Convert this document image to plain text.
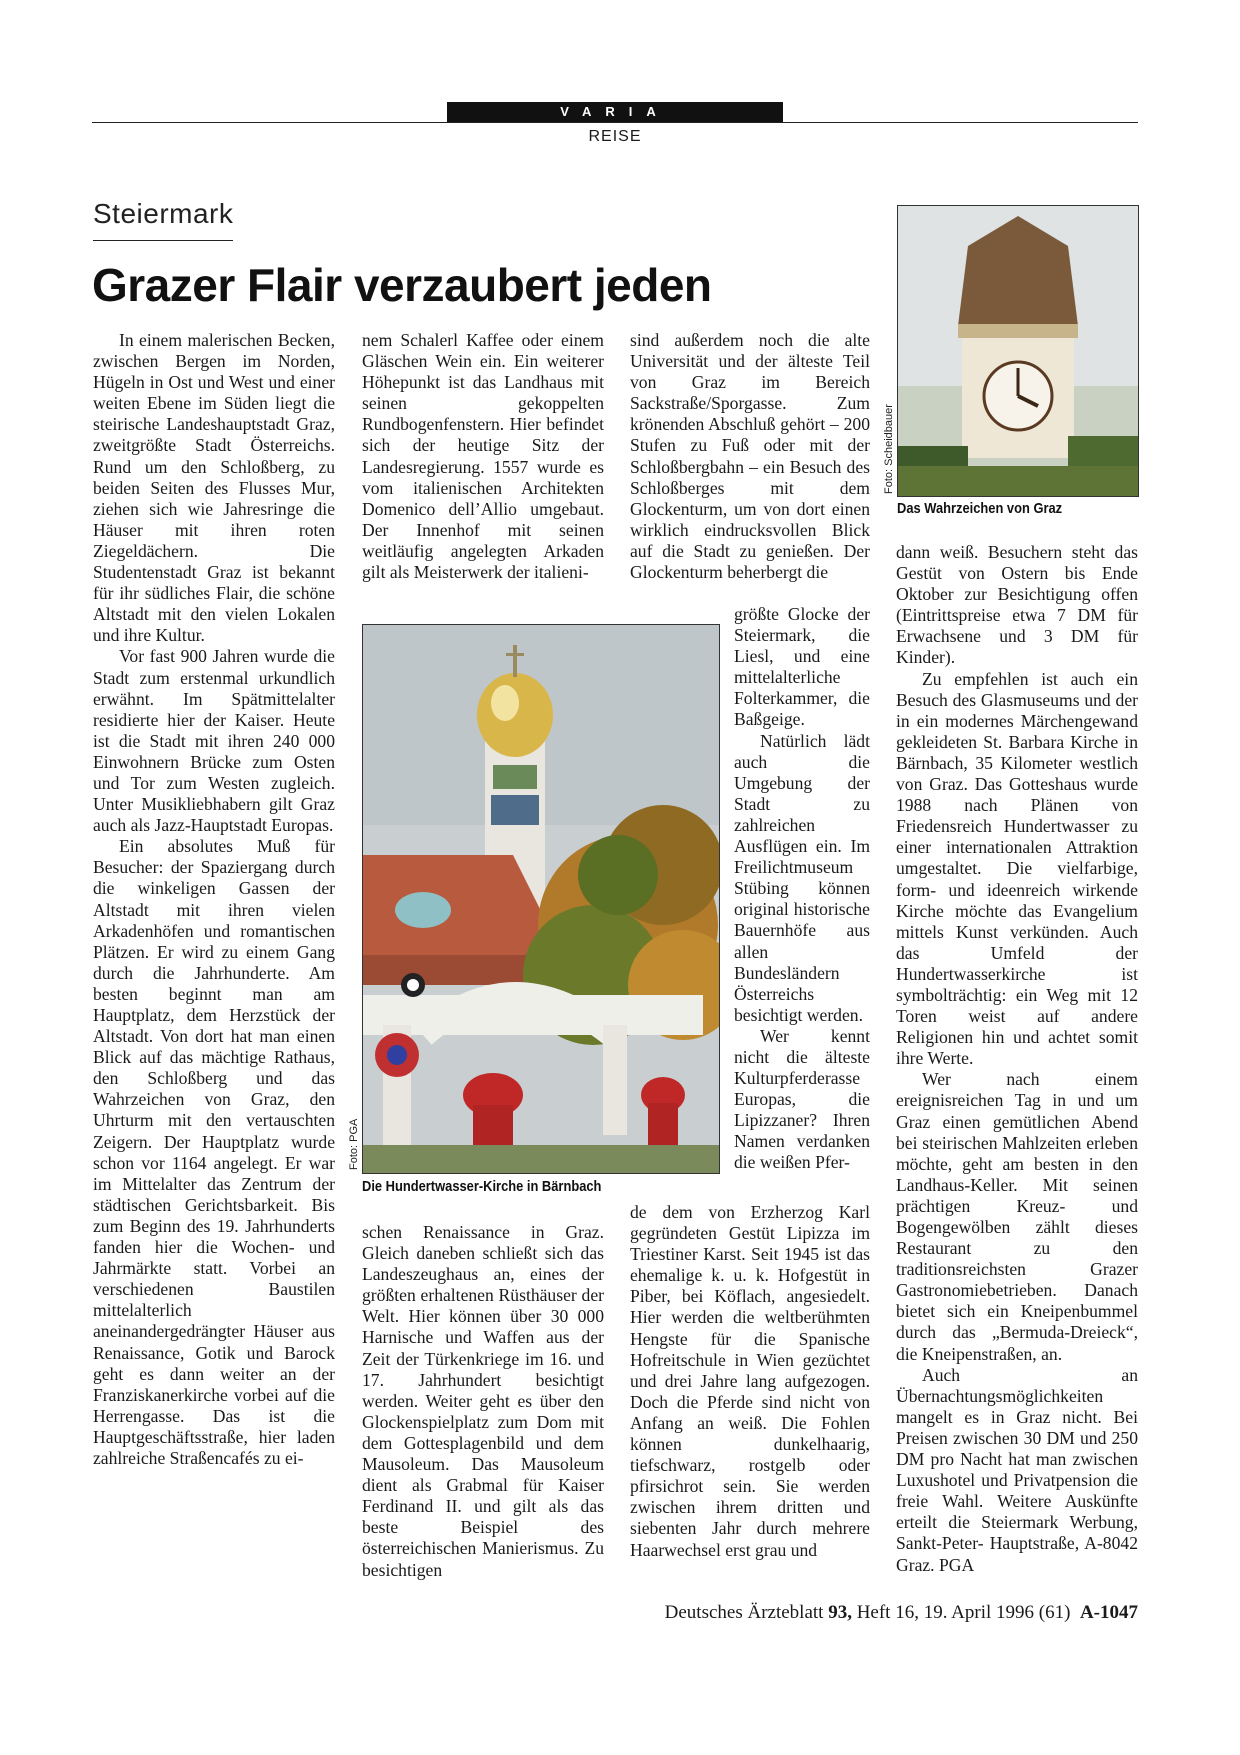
VARIA
REISE
Steiermark
Grazer Flair verzaubert jeden

In einem malerischen Becken, zwischen Bergen im Norden, Hügeln in Ost und West und einer weiten Ebene im Süden liegt die steirische Landeshauptstadt Graz, zweitgrößte Stadt Österreichs. Rund um den Schloßberg, zu beiden Seiten des Flusses Mur, ziehen sich wie Jahresringe die Häuser mit ihren roten Ziegeldächern. Die Studentenstadt Graz ist bekannt für ihr südliches Flair, die schöne Altstadt mit den vielen Lokalen und ihre Kultur.

Vor fast 900 Jahren wurde die Stadt zum erstenmal urkundlich erwähnt. Im Spätmittelalter residierte hier der Kaiser. Heute ist die Stadt mit ihren 240 000 Einwohnern Brücke zum Osten und Tor zum Westen zugleich. Unter Musikliebhabern gilt Graz auch als Jazz-Hauptstadt Europas.

Ein absolutes Muß für Besucher: der Spaziergang durch die winkeligen Gassen der Altstadt mit ihren vielen Arkadenhöfen und romantischen Plätzen. Er wird zu einem Gang durch die Jahrhunderte. Am besten beginnt man am Hauptplatz, dem Herzstück der Altstadt. Von dort hat man einen Blick auf das mächtige Rathaus, den Schloßberg und das Wahrzeichen von Graz, den Uhrturm mit den vertauschten Zeigern. Der Hauptplatz wurde schon vor 1164 angelegt. Er war im Mittelalter das Zentrum der städtischen Gerichtsbarkeit. Bis zum Beginn des 19. Jahrhunderts fanden hier die Wochen- und Jahrmärkte statt. Vorbei an verschiedenen Baustilen mittelalterlich aneinandergedrängter Häuser aus Renaissance, Gotik und Barock geht es dann weiter an der Franziskanerkirche vorbei auf die Herrengasse. Das ist die Hauptgeschäftsstraße, hier laden zahlreiche Straßencafés zu ei-

nem Schalerl Kaffee oder einem Gläschen Wein ein. Ein weiterer Höhepunkt ist das Landhaus mit seinen gekoppelten Rundbogenfenstern. Hier befindet sich der heutige Sitz der Landesregierung. 1557 wurde es vom italienischen Architekten Domenico dell’Allio umgebaut. Der Innenhof mit seinen weitläufig angelegten Arkaden gilt als Meisterwerk der italieni-

Foto: PGA
Die Hundertwasser-Kirche in Bärnbach

schen Renaissance in Graz. Gleich daneben schließt sich das Landeszeughaus an, eines der größten erhaltenen Rüsthäuser der Welt. Hier können über 30 000 Harnische und Waffen aus der Zeit der Türkenkriege im 16. und 17. Jahrhundert besichtigt werden. Weiter geht es über den Glockenspielplatz zum Dom mit dem Gottesplagenbild und dem Mausoleum. Das Mausoleum dient als Grabmal für Kaiser Ferdinand II. und gilt als das beste Beispiel des österreichischen Manierismus. Zu besichtigen

sind außerdem noch die alte Universität und der älteste Teil von Graz im Bereich Sackstraße/Sporgasse. Zum krönenden Abschluß gehört – 200 Stufen zu Fuß oder mit der Schloßbergbahn – ein Besuch des Schloßberges mit dem Glockenturm, um von dort einen wirklich eindrucksvollen Blick auf die Stadt zu genießen. Der Glockenturm beherbergt die

größte Glocke der Steiermark, die Liesl, und eine mittelalterliche Folterkammer, die Baßgeige.

Natürlich lädt auch die Umgebung der Stadt zu zahlreichen Ausflügen ein. Im Freilichtmuseum Stübing können original historische Bauernhöfe aus allen Bundesländern Österreichs besichtigt werden.

Wer kennt nicht die älteste Kulturpferderasse Europas, die Lipizzaner? Ihren Namen verdanken die weißen Pfer-

de dem von Erzherzog Karl gegründeten Gestüt Lipizza im Triestiner Karst. Seit 1945 ist das ehemalige k. u. k. Hofgestüt in Piber, bei Köflach, angesiedelt. Hier werden die weltberühmten Hengste für die Spanische Hofreitschule in Wien gezüchtet und drei Jahre lang aufgezogen. Doch die Pferde sind nicht von Anfang an weiß. Die Fohlen können dunkelhaarig, tiefschwarz, rostgelb oder pfirsichrot sein. Sie werden zwischen ihrem dritten und siebenten Jahr durch mehrere Haarwechsel erst grau und

Foto: Scheidbauer
Das Wahrzeichen von Graz

dann weiß. Besuchern steht das Gestüt von Ostern bis Ende Oktober zur Besichtigung offen (Eintrittspreise etwa 7 DM für Erwachsene und 3 DM für Kinder).

Zu empfehlen ist auch ein Besuch des Glasmuseums und der in ein modernes Märchengewand gekleideten St. Barbara Kirche in Bärnbach, 35 Kilometer westlich von Graz. Das Gotteshaus wurde 1988 nach Plänen von Friedensreich Hundertwasser zu einer internationalen Attraktion umgestaltet. Die vielfarbige, form- und ideenreich wirkende Kirche möchte das Evangelium mittels Kunst verkünden. Auch das Umfeld der Hundertwasserkirche ist symbolträchtig: ein Weg mit 12 Toren weist auf andere Religionen hin und achtet somit ihre Werte.

Wer nach einem ereignisreichen Tag in und um Graz einen gemütlichen Abend bei steirischen Mahlzeiten erleben möchte, geht am besten in den Landhaus-Keller. Mit seinen prächtigen Kreuz- und Bogengewölben zählt dieses Restaurant zu den traditionsreichsten Grazer Gastronomiebetrieben. Danach bietet sich ein Kneipenbummel durch das „Bermuda-Dreieck“, die Kneipenstraßen, an.

Auch an Übernachtungsmöglichkeiten mangelt es in Graz nicht. Bei Preisen zwischen 30 DM und 250 DM pro Nacht hat man zwischen Luxushotel und Privatpension die freie Wahl. Weitere Auskünfte erteilt die Steiermark Werbung, Sankt-Peter- Hauptstraße, A-8042 Graz. PGA

Deutsches Ärzteblatt 93, Heft 16, 19. April 1996 (61) A-1047
